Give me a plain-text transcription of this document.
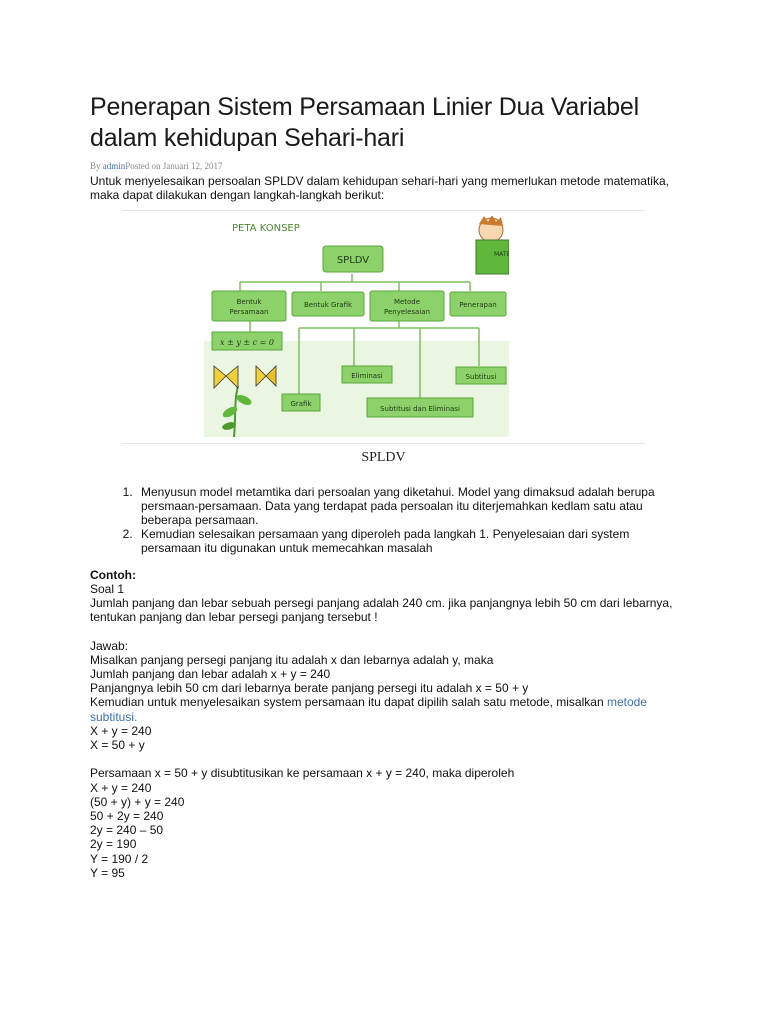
Penerapan Sistem Persamaan Linier Dua Variabel dalam kehidupan Sehari-hari
By adminPosted on Januari 12, 2017

Untuk menyelesaikan persoalan SPLDV dalam kehidupan sehari-hari yang memerlukan metode matematika, maka dapat dilakukan dengan langkah-langkah berikut:

PETA KONSEP
SPLDV
Bentuk
Persamaan
Bentuk Grafik	Metode
Penyelesaian
Penerapan
x ± y ± c = 0
Eliminasi	Subtitusi
Grafik
Subtitusi dan Eliminasi
MATE
SPLDV
1. Menyusun model metamtika dari persoalan yang diketahui. Model yang dimaksud adalah berupa persmaan-persamaan. Data yang terdapat pada persoalan itu diterjemahkan kedlam satu atau beberapa persamaan.
2. Kemudian selesaikan persamaan yang diperoleh pada langkah 1. Penyelesaian dari system persamaan itu digunakan untuk memecahkan masalah

Contoh:

Soal 1

Jumlah panjang dan lebar sebuah persegi panjang adalah 240 cm. jika panjangnya lebih 50 cm dari lebarnya, tentukan panjang dan lebar persegi panjang tersebut !

Jawab:

Misalkan panjang persegi panjang itu adalah x dan lebarnya adalah y, maka

Jumlah panjang dan lebar adalah x + y = 240

Panjangnya lebih 50 cm dari lebarnya berate panjang persegi itu adalah x = 50 + y

Kemudian untuk menyelesaikan system persamaan itu dapat dipilih salah satu metode, misalkan metode subtitusi.

X + y = 240

X = 50 + y

Persamaan x = 50 + y disubtitusikan ke persamaan x + y = 240, maka diperoleh

X + y = 240

(50 + y) + y = 240

50 + 2y = 240

2y = 240 – 50

2y = 190

Y = 190 / 2

Y = 95
